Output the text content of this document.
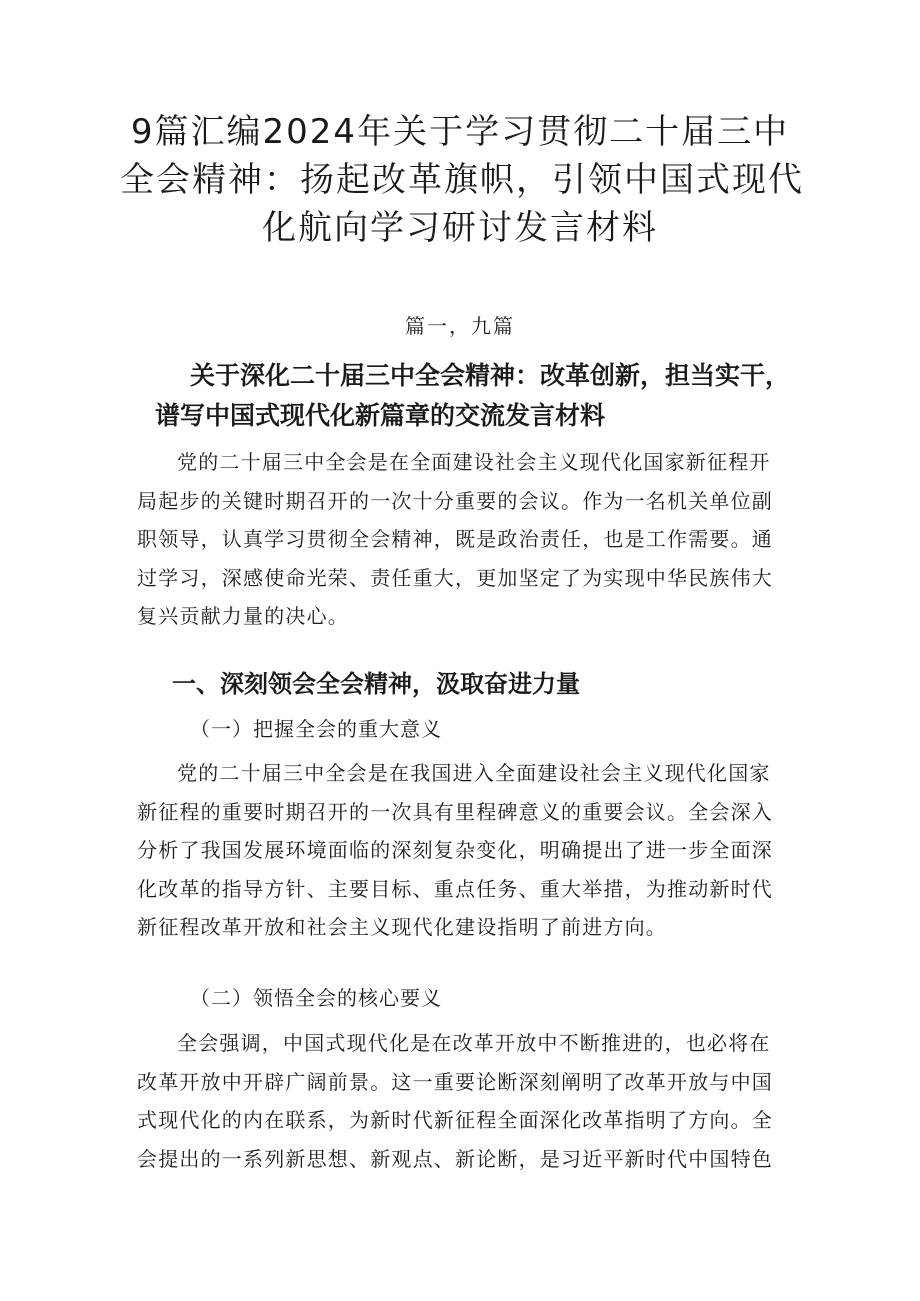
9篇汇编2024年关于学习贯彻二十届三中
全会精神：扬起改革旗帜，引领中国式现代
化航向学习研讨发言材料
篇一，九篇
关于深化二十届三中全会精神：改革创新，担当实干，
谱写中国式现代化新篇章的交流发言材料

党的二十届三中全会是在全面建设社会主义现代化国家新征程开
局起步的关键时期召开的一次十分重要的会议。作为一名机关单位副
职领导，认真学习贯彻全会精神，既是政治责任，也是工作需要。通
过学习，深感使命光荣、责任重大，更加坚定了为实现中华民族伟大
复兴贡献力量的决心。

一、深刻领会全会精神，汲取奋进力量
（一）把握全会的重大意义

党的二十届三中全会是在我国进入全面建设社会主义现代化国家
新征程的重要时期召开的一次具有里程碑意义的重要会议。全会深入
分析了我国发展环境面临的深刻复杂变化，明确提出了进一步全面深
化改革的指导方针、主要目标、重点任务、重大举措，为推动新时代
新征程改革开放和社会主义现代化建设指明了前进方向。

（二）领悟全会的核心要义

全会强调，中国式现代化是在改革开放中不断推进的，也必将在
改革开放中开辟广阔前景。这一重要论断深刻阐明了改革开放与中国
式现代化的内在联系，为新时代新征程全面深化改革指明了方向。全
会提出的一系列新思想、新观点、新论断，是习近平新时代中国特色
